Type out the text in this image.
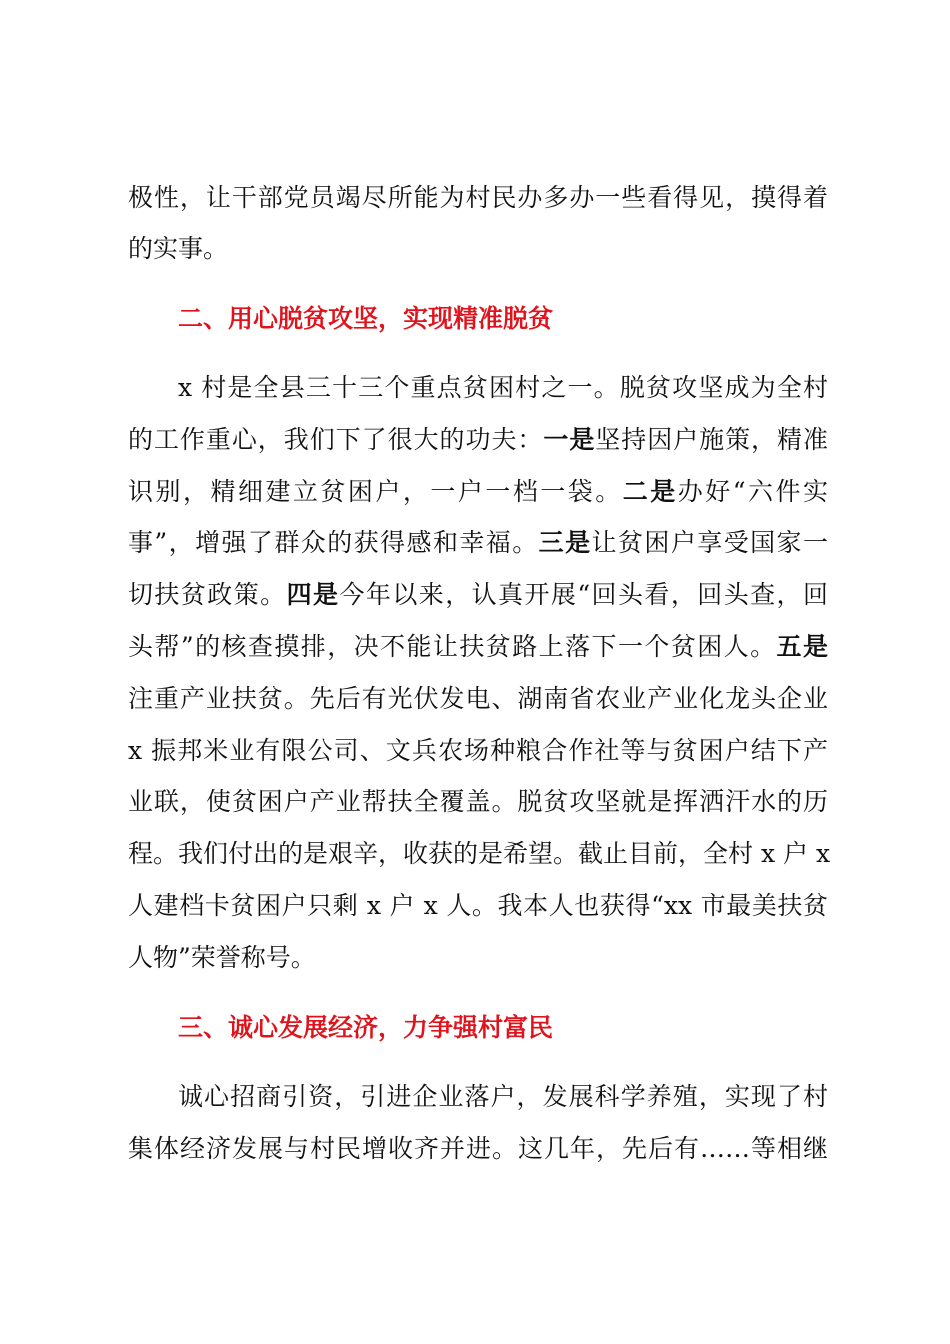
极性，让干部党员竭尽所能为村民办多办一些看得见，摸得着
的实事。
二、用心脱贫攻坚，实现精准脱贫
x 村是全县三十三个重点贫困村之一。脱贫攻坚成为全村
的工作重心，我们下了很大的功夫：一是坚持因户施策，精准
识别，精细建立贫困户，一户一档一袋。二是办好“六件实
事”，增强了群众的获得感和幸福。三是让贫困户享受国家一
切扶贫政策。四是今年以来，认真开展“回头看，回头查，回
头帮”的核查摸排，决不能让扶贫路上落下一个贫困人。五是
注重产业扶贫。先后有光伏发电、湖南省农业产业化龙头企业
x 振邦米业有限公司、文兵农场种粮合作社等与贫困户结下产
业联，使贫困户产业帮扶全覆盖。脱贫攻坚就是挥洒汗水的历
程。我们付出的是艰辛，收获的是希望。截止目前，全村 x 户 x
人建档卡贫困户只剩 x 户 x 人。我本人也获得“xx 市最美扶贫
人物”荣誉称号。
三、诚心发展经济，力争强村富民
诚心招商引资，引进企业落户，发展科学养殖，实现了村
集体经济发展与村民增收齐并进。这几年，先后有……等相继
